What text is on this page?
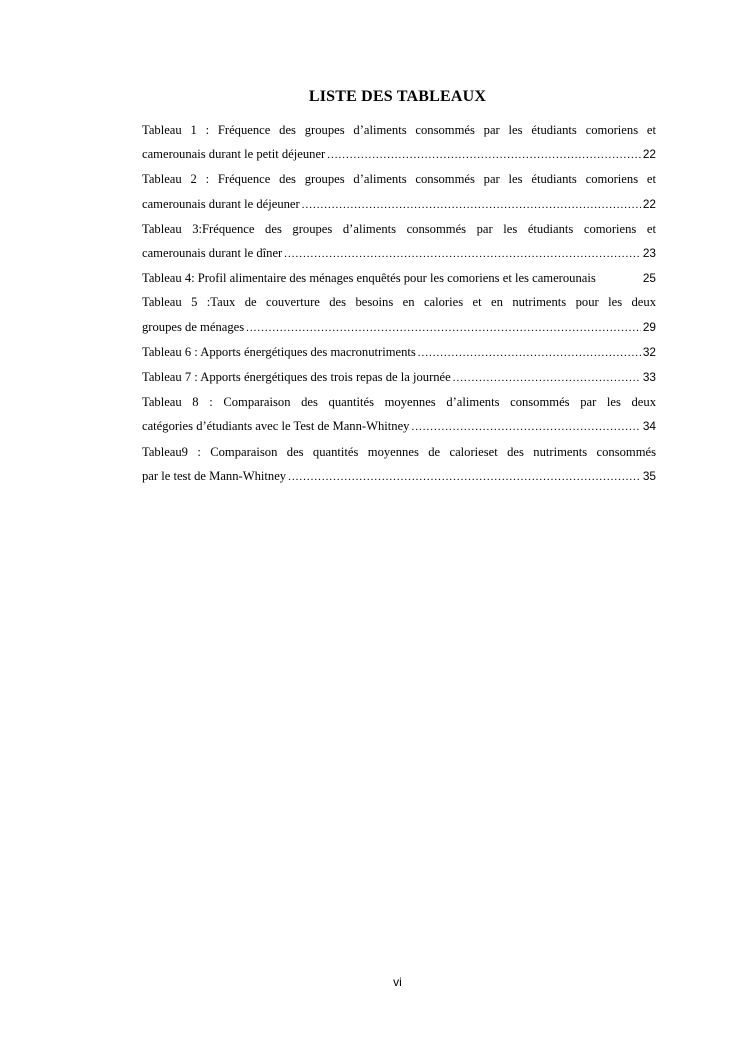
LISTE DES TABLEAUX
Tableau 1 : Fréquence des groupes d’aliments consommés par les étudiants comoriens et
camerounais durant le petit déjeuner .....	22
Tableau 2 : Fréquence des groupes d’aliments consommés par les étudiants comoriens et
camerounais durant le déjeuner .....	22
Tableau 3:Fréquence des groupes d’aliments consommés par les étudiants comoriens et
camerounais durant le dîner .....	23
Tableau 4: Profil alimentaire des ménages enquêtés pour les comoriens et les camerounais	25
Tableau 5 :Taux de couverture des besoins en calories et en nutriments pour les deux
groupes de ménages .....	29
Tableau 6 : Apports énergétiques des macronutriments .....	32
Tableau 7 : Apports énergétiques des trois repas de la journée .....	33
Tableau 8 : Comparaison des quantités moyennes d’aliments consommés par les deux
catégories d’étudiants avec le Test de Mann-Whitney .....	34
Tableau9 : Comparaison des quantités moyennes de calorieset des nutriments consommés
par le test de Mann-Whitney .....	35
vi
